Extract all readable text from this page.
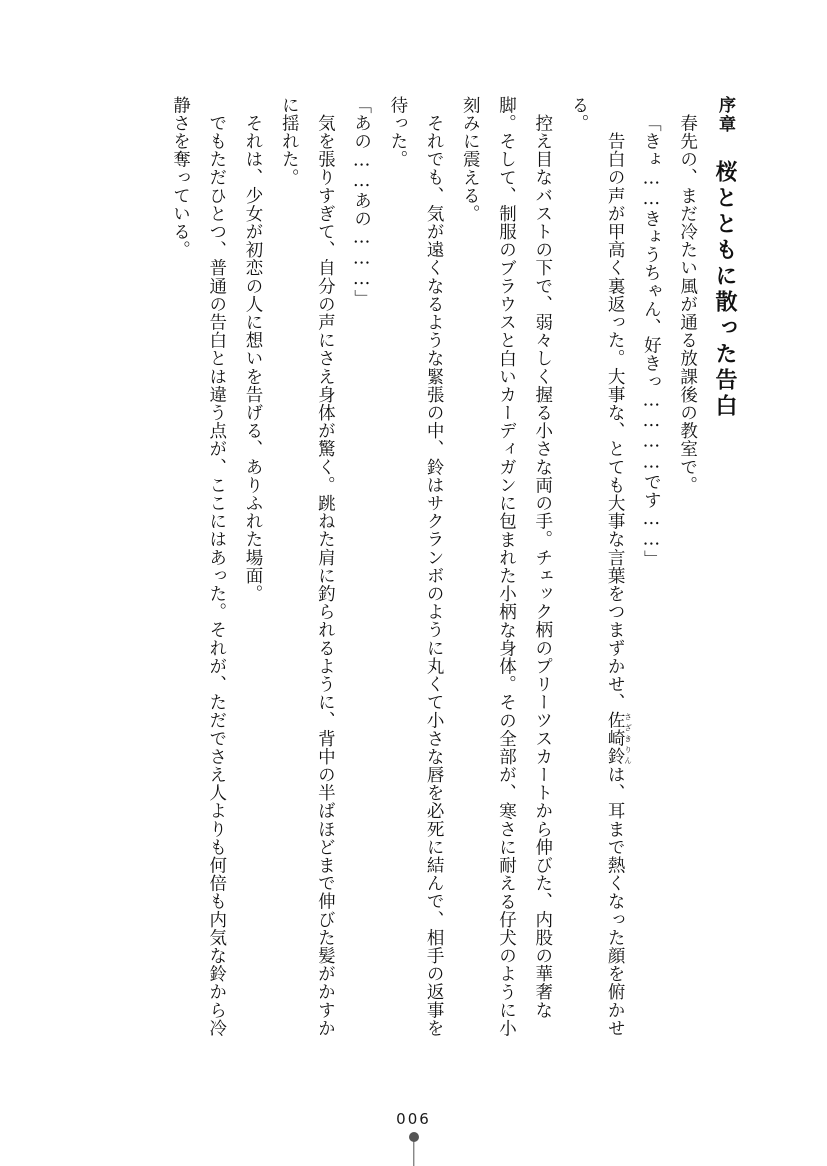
序章　桜とともに散った告白

春先の、まだ冷たい風が通る放課後の教室で。

「きょ……きょうちゃん、好きっ…………です……」

　告白の声が甲高く裏返った。大事な、とても大事な言葉をつまずかせ、佐崎鈴さざきりんは、耳まで熱くなった顔を俯かせる。

控え目なバストの下で、弱々しく握る小さな両の手。チェック柄のプリーツスカートから伸びた、内股の華奢な脚。そして、制服のブラウスと白いカーディガンに包まれた小柄な身体。その全部が、寒さに耐える仔犬のように小刻みに震える。

それでも、気が遠くなるような緊張の中、鈴はサクランボのように丸くて小さな唇を必死に結んで、相手の返事を待った。

「あの……あの………」

気を張りすぎて、自分の声にさえ身体が驚く。跳ねた肩に釣られるように、背中の半ばほどまで伸びた髪がかすかに揺れた。

それは、少女が初恋の人に想いを告げる、ありふれた場面。

でもただひとつ、普通の告白とは違う点が、ここにはあった。それが、ただでさえ人よりも何倍も内気な鈴から冷静さを奪っている。

006
